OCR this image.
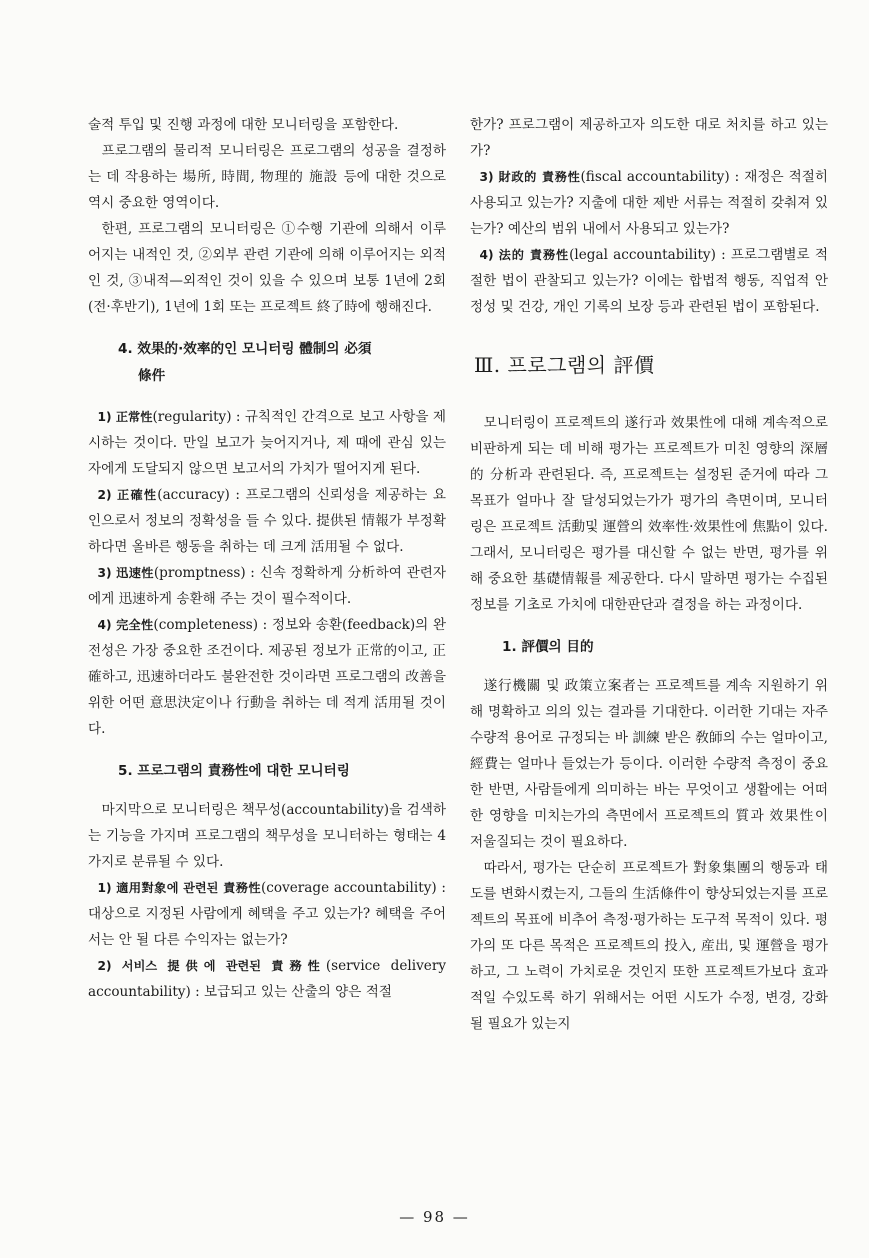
술적 투입 및 진행 과정에 대한 모니터링을 포함한다.

프로그램의 물리적 모니터링은 프로그램의 성공을 결정하는 데 작용하는 場所, 時間, 物理的 施設 등에 대한 것으로 역시 중요한 영역이다.

한편, 프로그램의 모니터링은 ①수행 기관에 의해서 이루어지는 내적인 것, ②외부 관련 기관에 의해 이루어지는 외적인 것, ③내적—외적인 것이 있을 수 있으며 보통 1년에 2회(전·후반기), 1년에 1회 또는 프로젝트 終了時에 행해진다.

4. 效果的·效率的인 모니터링 體制의 必須
條件

1) 正常性(regularity) : 규칙적인 간격으로 보고 사항을 제시하는 것이다. 만일 보고가 늦어지거나, 제 때에 관심 있는 자에게 도달되지 않으면 보고서의 가치가 떨어지게 된다.

2) 正確性(accuracy) : 프로그램의 신뢰성을 제공하는 요인으로서 정보의 정확성을 들 수 있다. 提供된 情報가 부정확하다면 올바른 행동을 취하는 데 크게 活用될 수 없다.

3) 迅速性(promptness) : 신속 정확하게 分析하여 관련자에게 迅速하게 송환해 주는 것이 필수적이다.

4) 完全性(completeness) : 정보와 송환(feedback)의 완전성은 가장 중요한 조건이다. 제공된 정보가 正常的이고, 正確하고, 迅速하더라도 불완전한 것이라면 프로그램의 改善을 위한 어떤 意思決定이나 行動을 취하는 데 적게 活用될 것이다.

5. 프로그램의 責務性에 대한 모니터링

마지막으로 모니터링은 책무성(accountability)을 검색하는 기능을 가지며 프로그램의 책무성을 모니터하는 형태는 4가지로 분류될 수 있다.

1) 適用對象에 관련된 責務性(coverage accountability) : 대상으로 지정된 사람에게 혜택을 주고 있는가? 혜택을 주어서는 안 될 다른 수익자는 없는가?

2) 서비스 提供에 관련된 責務性(service delivery accountability) : 보급되고 있는 산출의 양은 적절

한가? 프로그램이 제공하고자 의도한 대로 처치를 하고 있는가?

3) 財政的 責務性(fiscal accountability) : 재정은 적절히 사용되고 있는가? 지출에 대한 제반 서류는 적절히 갖춰져 있는가? 예산의 범위 내에서 사용되고 있는가?

4) 法的 責務性(legal accountability) : 프로그램별로 적절한 법이 관찰되고 있는가? 이에는 합법적 행동, 직업적 안정성 및 건강, 개인 기록의 보장 등과 관련된 법이 포함된다.

Ⅲ. 프로그램의 評價

모니터링이 프로젝트의 遂行과 效果性에 대해 계속적으로 비판하게 되는 데 비해 평가는 프로젝트가 미친 영향의 深層的 分析과 관련된다. 즉, 프로젝트는 설정된 준거에 따라 그 목표가 얼마나 잘 달성되었는가가 평가의 측면이며, 모니터링은 프로젝트 活動및 運營의 效率性·效果性에 焦點이 있다. 그래서, 모니터링은 평가를 대신할 수 없는 반면, 평가를 위해 중요한 基礎情報를 제공한다. 다시 말하면 평가는 수집된 정보를 기초로 가치에 대한판단과 결정을 하는 과정이다.

1. 評價의 目的

遂行機關 및 政策立案者는 프로젝트를 계속 지원하기 위해 명확하고 의의 있는 결과를 기대한다. 이러한 기대는 자주 수량적 용어로 규정되는 바 訓練 받은 敎師의 수는 얼마이고, 經費는 얼마나 들었는가 등이다. 이러한 수량적 측정이 중요한 반면, 사람들에게 의미하는 바는 무엇이고 생활에는 어떠한 영향을 미치는가의 측면에서 프로젝트의 質과 效果性이 저울질되는 것이 필요하다.

따라서, 평가는 단순히 프로젝트가 對象集團의 행동과 태도를 변화시켰는지, 그들의 生活條件이 향상되었는지를 프로젝트의 목표에 비추어 측정·평가하는 도구적 목적이 있다. 평가의 또 다른 목적은 프로젝트의 投入, 産出, 및 運營을 평가하고, 그 노력이 가치로운 것인지 또한 프로젝트가보다 효과적일 수있도록 하기 위해서는 어떤 시도가 수정, 변경, 강화될 필요가 있는지

— 98 —
